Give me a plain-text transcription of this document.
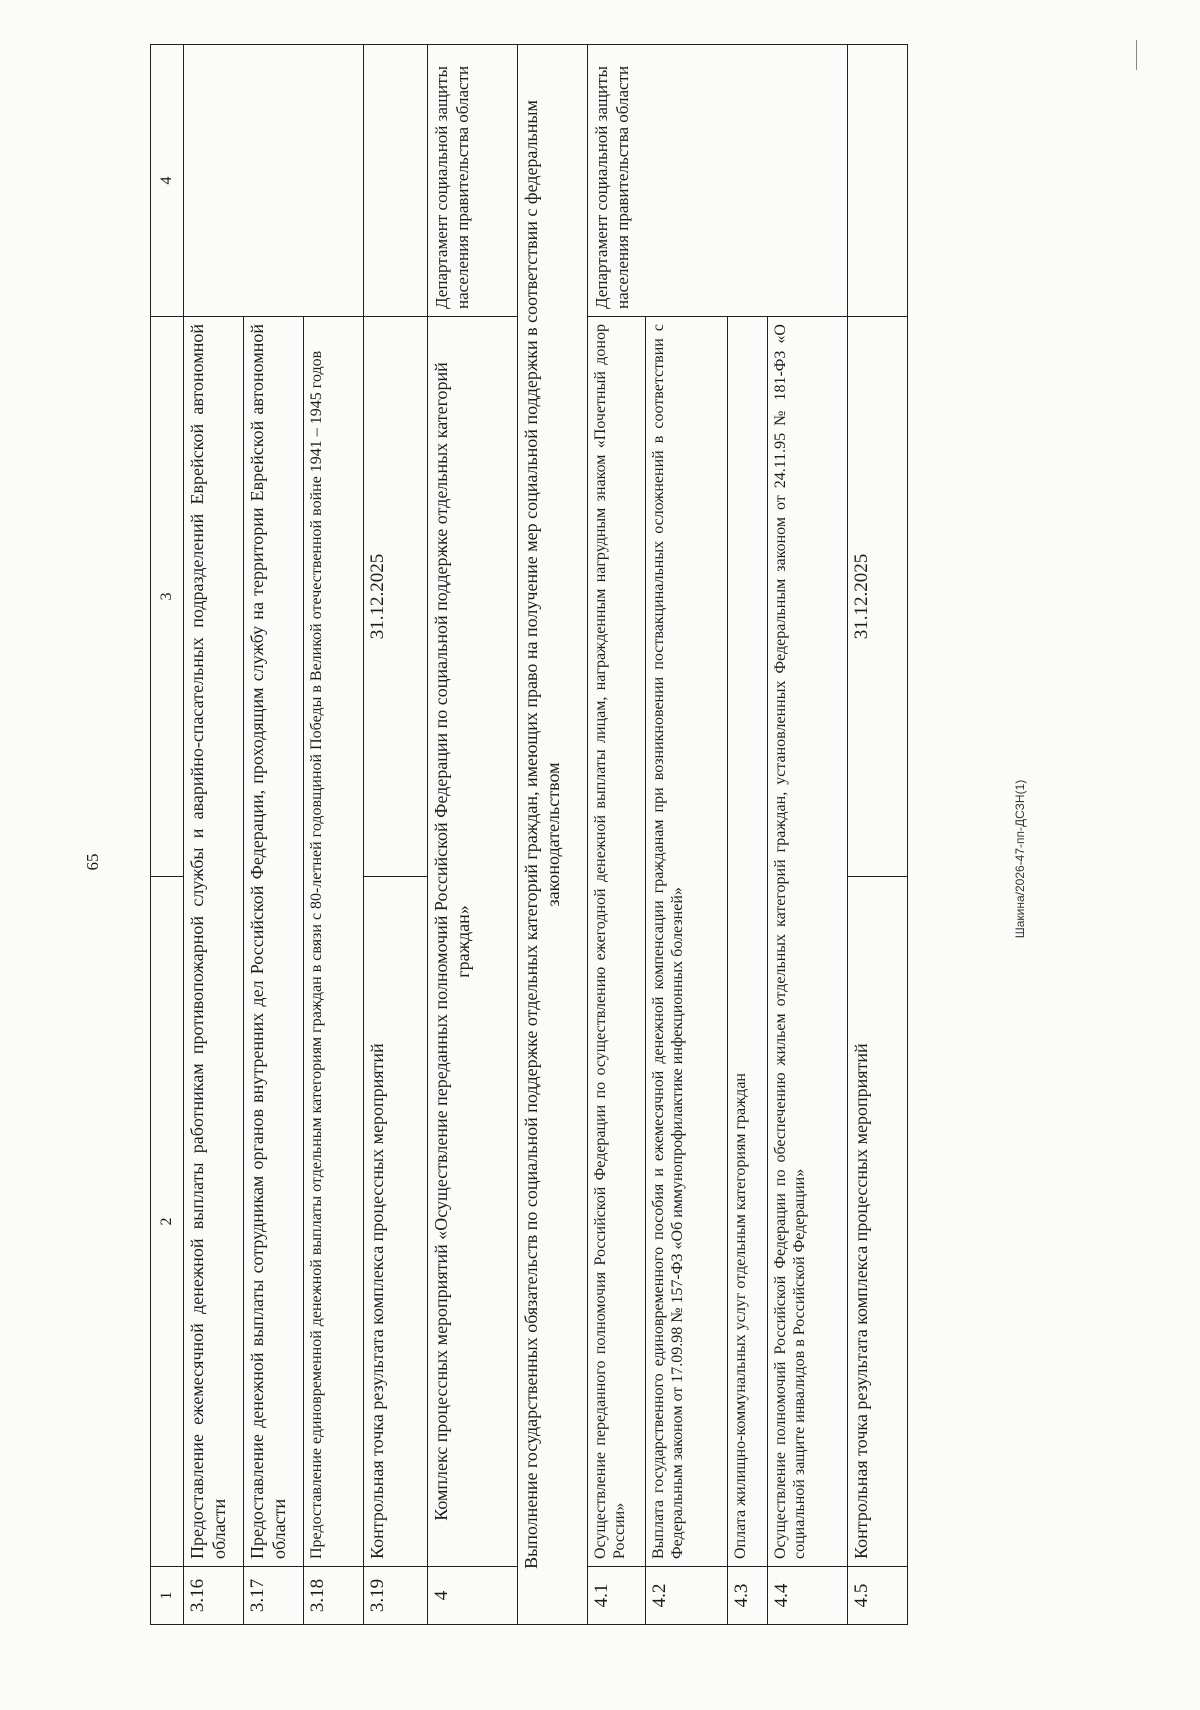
65	Шакина/2026-47-пп-ДСЗН(1)
1	2	3	4
3.16	Предоставление ежемесячной денежной выплаты работникам противопожарной службы и аварийно-спасательных подразделений Еврейской автономной области		
3.17	Предоставление денежной выплаты сотрудникам органов внутренних дел Российской Федерации, проходящим службу на территории Еврейской автономной области		
3.18	Предоставление единовременной денежной выплаты отдельным категориям граждан в связи с 80-летней годовщиной Победы в Великой отечественной войне 1941 – 1945 годов		
3.19	Контрольная точка результата комплекса процессных мероприятий	31.12.2025	
4	Комплекс процессных мероприятий «Осуществление переданных полномочий Российской Федерации по социальной поддержке отдельных категорий граждан»		Департамент социальной защиты населения правительства области
Выполнение государственных обязательств по социальной поддержке отдельных категорий граждан, имеющих право на получение мер социальной поддержки в соответствии с федеральным законодательством			
4.1	Осуществление переданного полномочия Российской Федерации по осуществлению ежегодной денежной выплаты лицам, награжденным нагрудным знаком «Почетный донор России»		Департамент социальной защиты населения правительства области
4.2	Выплата государственного единовременного пособия и ежемесячной денежной компенсации гражданам при возникновении поствакцинальных осложнений в соответствии с Федеральным законом от 17.09.98 № 157-ФЗ «Об иммунопрофилактике инфекционных болезней»		
4.3	Оплата жилищно-коммунальных услуг отдельным категориям граждан		
4.4	Осуществление полномочий Российской Федерации по обеспечению жильем отдельных категорий граждан, установленных Федеральным законом от 24.11.95 № 181-ФЗ «О социальной защите инвалидов в Российской Федерации»		
4.5	Контрольная точка результата комплекса процессных мероприятий	31.12.2025	
